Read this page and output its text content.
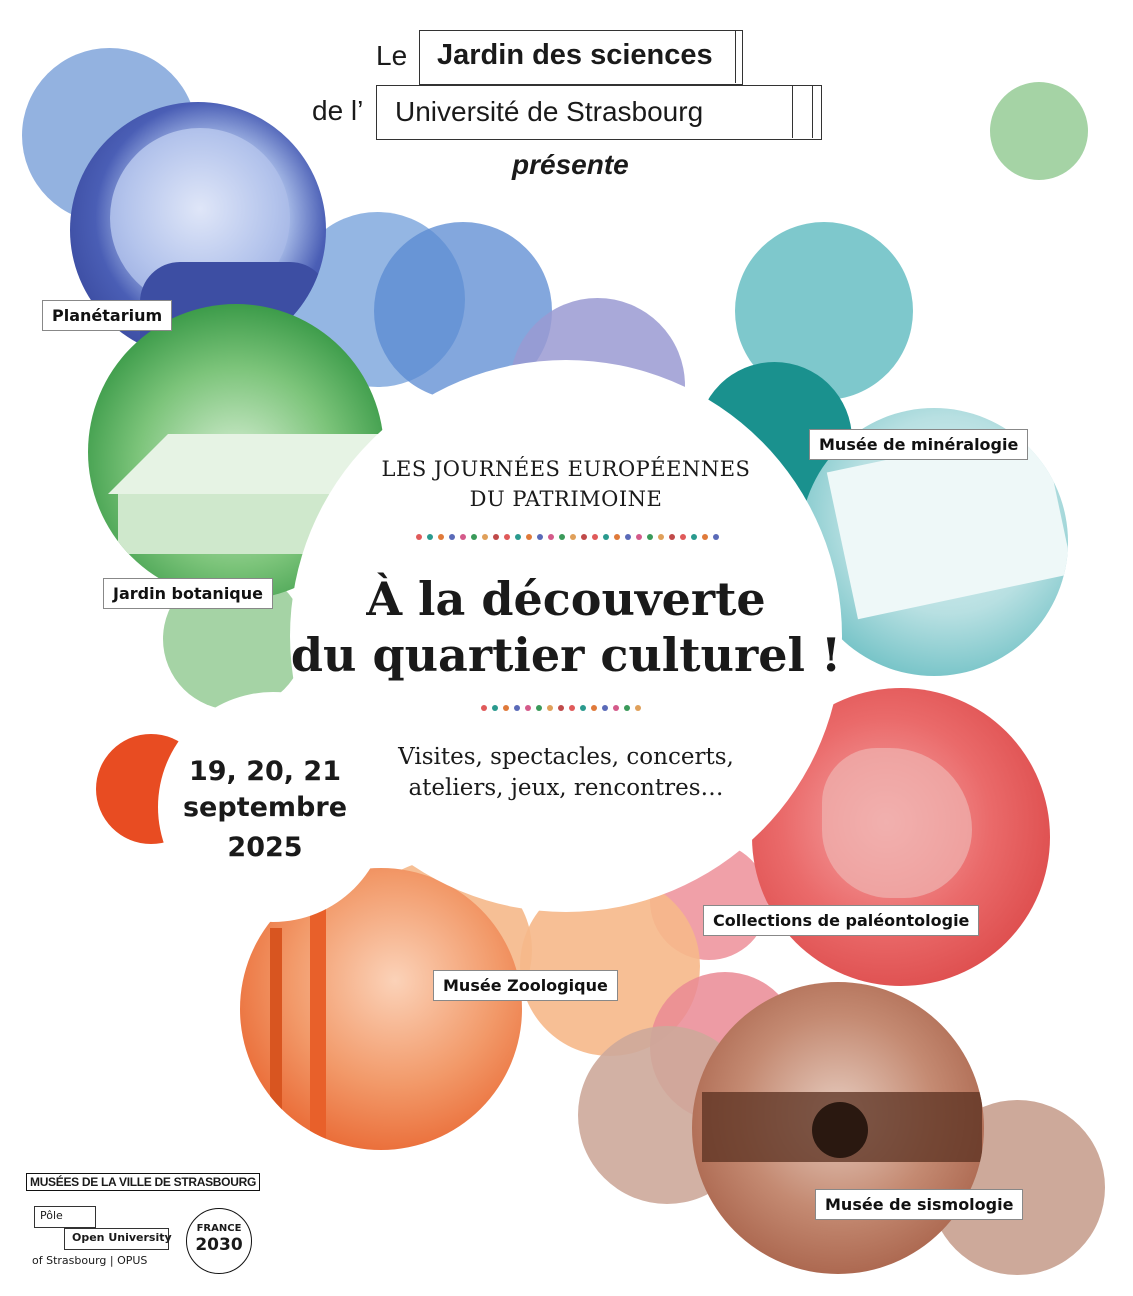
Le Jardin des sciences
de l’ Université de Strasbourg
présente
LES JOURNÉES EUROPÉENNES
DU PATRIMOINE
À la découverte
du quartier culturel !
Visites, spectacles, concerts,
ateliers, jeux, rencontres…
19, 20, 21
septembre
2025
Planétarium
Jardin botanique
Musée de minéralogie
Collections de paléontologie
Musée Zoologique
Musée de sismologie
MUSÉES DE LA VILLE DE STRASBOURG
Pôle
Open University
of Strasbourg | OPUS
FRANCE
2030
